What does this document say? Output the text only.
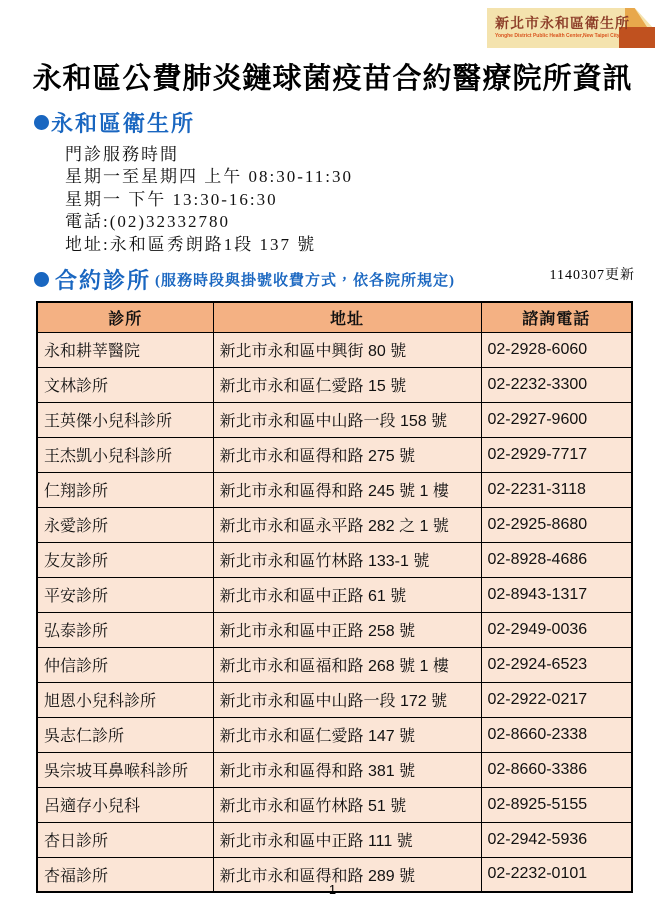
新北市永和區衛生所
Yonghe District Public Health Center,New Taipei City
永和區公費肺炎鏈球菌疫苗合約醫療院所資訊
永和區衛生所
門診服務時間
星期一至星期四 上午 08:30-11:30
星期一 下午 13:30-16:30
電話:(02)32332780
地址:永和區秀朗路1段 137 號
合約診所 (服務時段與掛號收費方式，依各院所規定)	1140307更新
診所	地址	諮詢電話
永和耕莘醫院	新北市永和區中興街 80 號	02-2928-6060
文林診所	新北市永和區仁愛路 15 號	02-2232-3300
王英傑小兒科診所	新北市永和區中山路一段 158 號	02-2927-9600
王杰凱小兒科診所	新北市永和區得和路 275 號	02-2929-7717
仁翔診所	新北市永和區得和路 245 號 1 樓	02-2231-3118
永愛診所	新北市永和區永平路 282 之 1 號	02-2925-8680
友友診所	新北市永和區竹林路 133-1 號	02-8928-4686
平安診所	新北市永和區中正路 61 號	02-8943-1317
弘泰診所	新北市永和區中正路 258 號	02-2949-0036
仲信診所	新北市永和區福和路 268 號 1 樓	02-2924-6523
旭恩小兒科診所	新北市永和區中山路一段 172 號	02-2922-0217
吳志仁診所	新北市永和區仁愛路 147 號	02-8660-2338
吳宗坡耳鼻喉科診所	新北市永和區得和路 381 號	02-8660-3386
呂適存小兒科	新北市永和區竹林路 51 號	02-8925-5155
杏日診所	新北市永和區中正路 111 號	02-2942-5936
杏福診所	新北市永和區得和路 289 號	02-2232-0101
1
